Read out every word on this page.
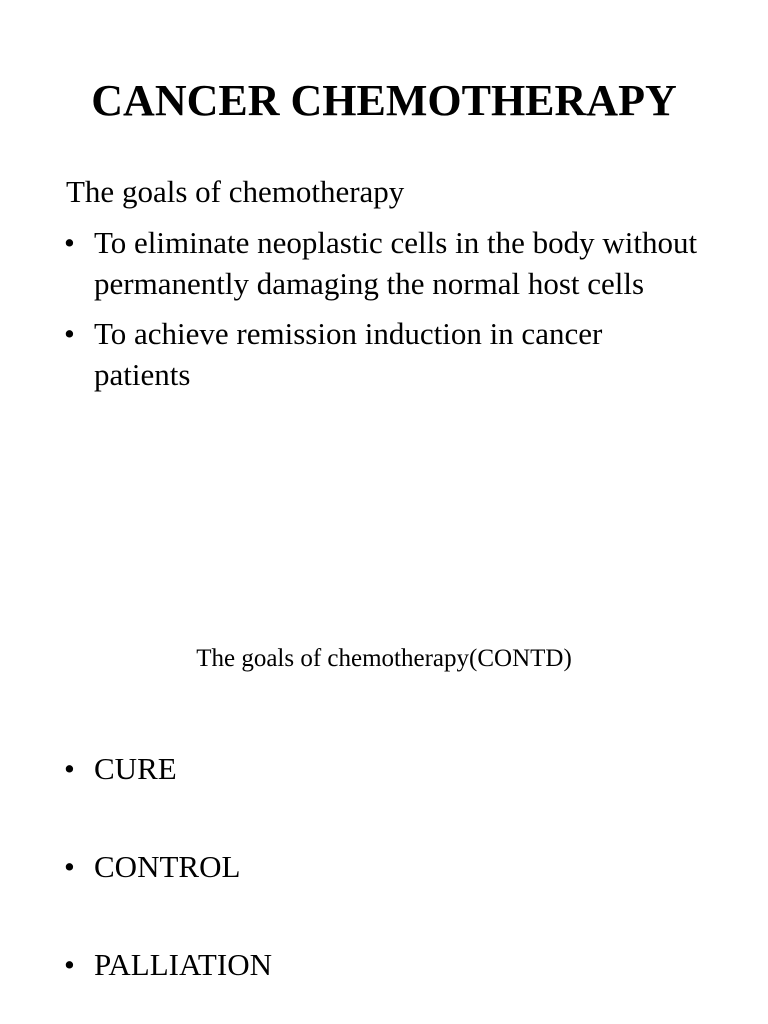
CANCER CHEMOTHERAPY

The goals of chemotherapy

• To eliminate neoplastic cells in the body without permanently damaging the normal host cells
• To achieve remission induction in cancer patients

The goals of chemotherapy(CONTD)

• CURE

• CONTROL

• PALLIATION
